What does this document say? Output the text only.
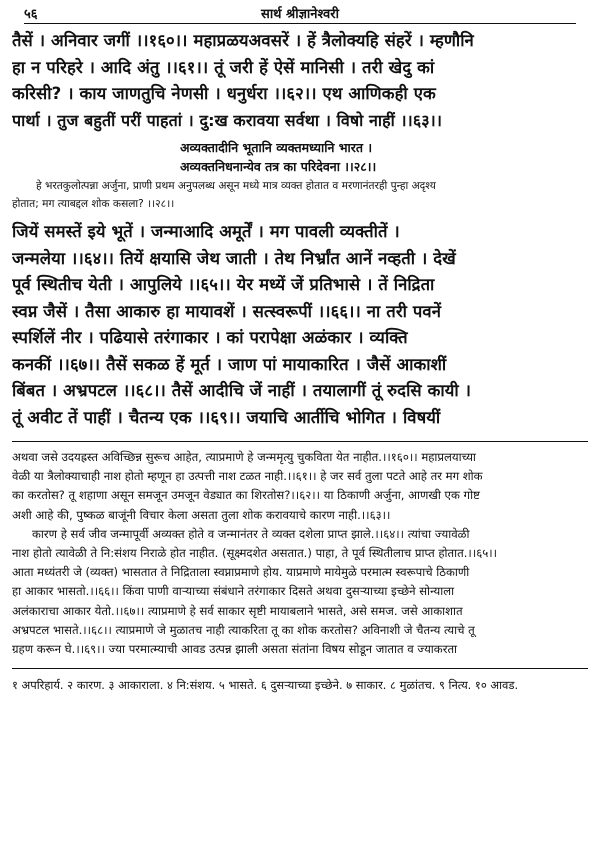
५६	सार्थ श्रीज्ञानेश्वरी
तैसें । अनिवार जगीं ।।१६०।। महाप्रळयअवसरें । हें त्रैलोक्यहि संहरें । म्हणौनि
हा न परिहरे । आदि अंतु ।।६१।। तूं जरी हें ऐसें मानिसी । तरी खेदु कां
करिसी? । काय जाणतुचि नेणसी । धनुर्धरा ।।६२।। एथ आणिकही एक
पार्था । तुज बहुतीं परीं पाहतां । दु:ख करावया सर्वथा । विषो नाहीं ।।६३।।
अव्यक्तादीनि भूतानि व्यक्तमध्यानि भारत ।
अव्यक्तनिधनान्येव तत्र का परिदेवना ।।२८।।
हे भरतकुलोत्पन्ना अर्जुना, प्राणी प्रथम अनुपलब्ध असून मध्ये मात्र व्यक्त होतात व मरणानंतरही पुन्हा अदृश्य
होतात; मग त्याबद्दल शोक कसला? ।।२८।।
जियें समस्तें इये भूतें । जन्माआदि अमूर्तें । मग पावली व्यक्तीतें ।
जन्मलेया ।।६४।। तियें क्षयासि जेथ जाती । तेथ निर्भ्रांत आनें नव्हती । देखें
पूर्व स्थितीच येती । आपुलिये ।।६५।। येर मध्यें जें प्रतिभासे । तें निद्रिता
स्वप्न जैसें । तैसा आकारु हा मायावशें । सत्स्वरूपीं ।।६६।। ना तरी पवनें
स्पर्शिलें नीर । पढियासे तरंगाकार । कां परापेक्षा अळंकार । व्यक्ति
कनकीं ।।६७।। तैसें सकळ हें मूर्त । जाण पां मायाकारित । जैसें आकाशीं
बिंबत । अभ्रपटल ।।६८।। तैसें आदीचि जें नाहीं । तयालागीं तूं रुदसि कायी ।
तूं अवीट तें पाहीं । चैतन्य एक ।।६९।। जयाचि आर्तीचि भोगित । विषयीं
अथवा जसे उदयह्रस्त अविच्छिन्न सुरूच आहेत, त्याप्रमाणे हे जन्ममृत्यु चुकविता येत नाहीत.।।१६०।। महाप्रलयाच्या
वेळी या त्रैलोक्याचाही नाश होतो म्हणून हा उत्पत्ती नाश टळत नाही.।।६१।। हे जर सर्व तुला पटते आहे तर मग शोक
का करतोस? तू शहाणा असून समजून उमजून वेड्यात का शिरतोस?।।६२।। या ठिकाणी अर्जुना, आणखी एक गोष्ट
अशी आहे की, पुष्कळ बाजूंनी विचार केला असता तुला शोक करावयाचे कारण नाही.।।६३।।
कारण हे सर्व जीव जन्मापूर्वी अव्यक्त होते व जन्मानंतर ते व्यक्त दशेला प्राप्त झाले.।।६४।। त्यांचा ज्यावेळी
नाश होतो त्यावेळी ते नि:संशय निराळे होत नाहीत. (सूक्ष्मदशेत असतात.) पाहा, ते पूर्व स्थितीलाच प्राप्त होतात.।।६५।।
आता मध्यंतरी जे (व्यक्त) भासतात ते निद्रिताला स्वप्नाप्रमाणे होय. याप्रमाणे मायेमुळे परमात्म स्वरूपाचे ठिकाणी
हा आकार भासतो.।।६६।। किंवा पाणी वाऱ्याच्या संबंधाने तरंगाकार दिसते अथवा दुसऱ्याच्या इच्छेने सोन्याला
अलंकाराचा आकार येतो.।।६७।। त्याप्रमाणे हे सर्व साकार सृष्टी मायाबलाने भासते, असे समज. जसे आकाशात
अभ्रपटल भासते.।।६८।। त्याप्रमाणे जे मुळातच नाही त्याकरिता तू का शोक करतोस? अविनाशी जे चैतन्य त्याचे तू
ग्रहण करून घे.।।६९।। ज्या परमात्म्याची आवड उत्पन्न झाली असता संतांना विषय सोडून जातात व ज्याकरता
१ अपरिहार्य. २ कारण. ३ आकाराला. ४ नि:संशय. ५ भासते. ६ दुसऱ्याच्या इच्छेने. ७ साकार. ८ मुळांतच. ९ नित्य. १० आवड.
